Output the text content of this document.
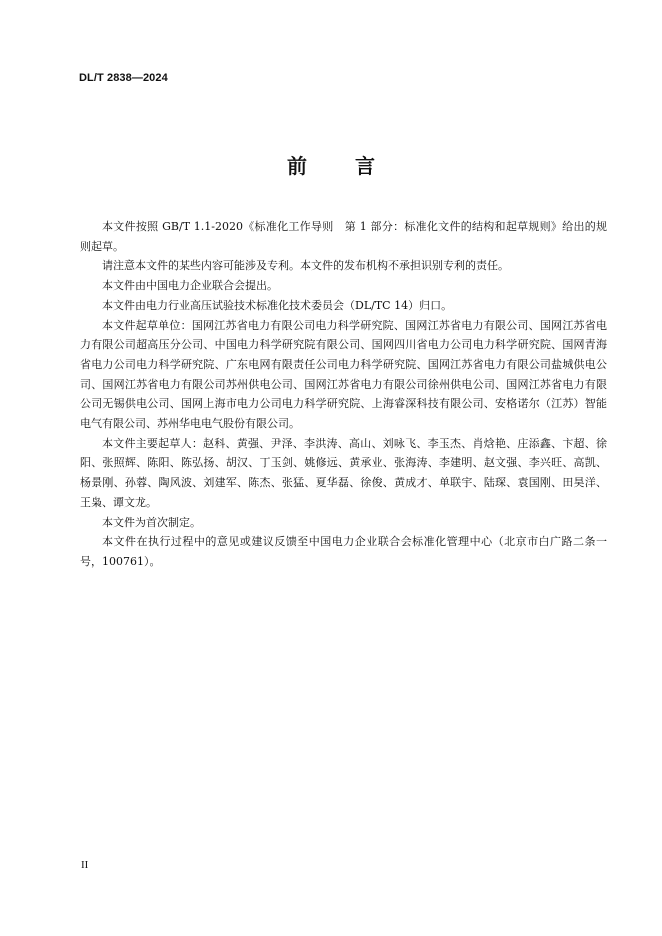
DL/T 2838—2024
前　言

本文件按照 GB/T 1.1-2020《标准化工作导则　第 1 部分：标准化文件的结构和起草规则》给出的规则起草。

请注意本文件的某些内容可能涉及专利。本文件的发布机构不承担识别专利的责任。

本文件由中国电力企业联合会提出。

本文件由电力行业高压试验技术标准化技术委员会（DL/TC 14）归口。

本文件起草单位：国网江苏省电力有限公司电力科学研究院、国网江苏省电力有限公司、国网江苏省电力有限公司超高压分公司、中国电力科学研究院有限公司、国网四川省电力公司电力科学研究院、国网青海省电力公司电力科学研究院、广东电网有限责任公司电力科学研究院、国网江苏省电力有限公司盐城供电公司、国网江苏省电力有限公司苏州供电公司、国网江苏省电力有限公司徐州供电公司、国网江苏省电力有限公司无锡供电公司、国网上海市电力公司电力科学研究院、上海睿深科技有限公司、安格诺尔（江苏）智能电气有限公司、苏州华电电气股份有限公司。

本文件主要起草人：赵科、黄强、尹泽、李洪涛、高山、刘咏飞、李玉杰、肖焓艳、庄添鑫、卞超、徐阳、张照辉、陈阳、陈弘扬、胡汉、丁玉剑、姚修远、黄承业、张海涛、李建明、赵文强、李兴旺、高凯、杨景刚、孙蓉、陶风波、刘建军、陈杰、张猛、夏华磊、徐俊、黄成才、单联宇、陆琛、袁国刚、田昊洋、王枭、谭文龙。

本文件为首次制定。

本文件在执行过程中的意见或建议反馈至中国电力企业联合会标准化管理中心（北京市白广路二条一号，100761）。

II
